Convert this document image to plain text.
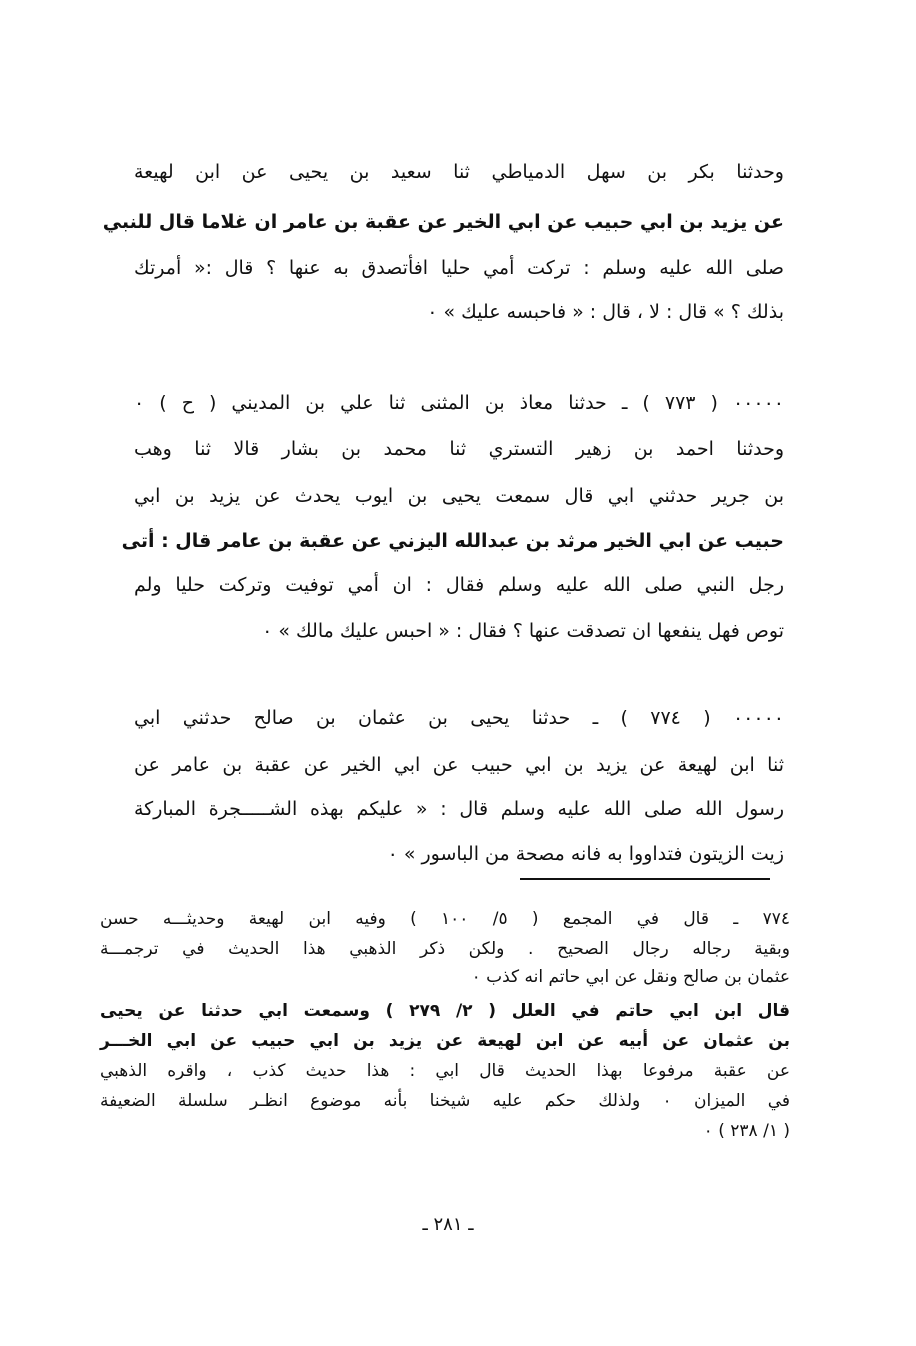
وحدثنا بكر بن سهل الدمياطي ثنا سعيد بن يحيى عن ابن لهيعة
عن يزيد بن ابي حبيب عن ابي الخير عن عقبة بن عامر ان غلاما قال للنبي
صلى الله عليه وسلم : تركت أمي حليا افأتصدق به عنها ؟ قال :« أمرتك
بذلك ؟ » قال : لا ، قال : « فاحبسه عليك » ٠
٠٠٠٠٠ ( ٧٧٣ ) ـ حدثنا معاذ بن المثنى ثنا علي بن المديني ( ح ) ٠
وحدثنا احمد بن زهير التستري ثنا محمد بن بشار قالا ثنا وهب
بن جرير حدثني ابي قال سمعت يحيى بن ايوب يحدث عن يزيد بن ابي
حبيب عن ابي الخير مرثد بن عبدالله اليزني عن عقبة بن عامر قال : أتى
رجل النبي صلى الله عليه وسلم فقال : ان أمي توفيت وتركت حليا ولم
توص فهل ينفعها ان تصدقت عنها ؟ فقال : « احبس عليك مالك » ٠
٠٠٠٠٠ ( ٧٧٤ ) ـ حدثنا يحيى بن عثمان بن صالح حدثني ابي
ثنا ابن لهيعة عن يزيد بن ابي حبيب عن ابي الخير عن عقبة بن عامر عن
رسول الله صلى الله عليه وسلم قال : « عليكم بهذه الشـــــجرة المباركة
زيت الزيتون فتداووا به فانه مصحة من الباسور » ٠
٧٧٤ ـ قال في المجمع ( ٥/ ١٠٠ ) وفيه ابن لهيعة وحديثـــه حسن
وبقية رجاله رجال الصحيح . ولكن ذكر الذهبي هذا الحديث في ترجمـــة
عثمان بن صالح ونقل عن ابي حاتم انه كذب ٠
قال ابن ابي حاتم في العلل ( ٢/ ٢٧٩ ) وسمعت ابي حدثنا عن يحيى
بن عثمان عن أبيه عن ابن لهيعة عن يزيد بن ابي حبيب عن ابي الخـــر
عن عقبة مرفوعا بهذا الحديث قال ابي : هذا حديث كذب ، واقره الذهبي
في الميزان ٠ ولذلك حكم عليه شيخنا بأنه موضوع انظـر سلسلة الضعيفة
( ١/ ٢٣٨ ) ٠
ـ ٢٨١ ـ
